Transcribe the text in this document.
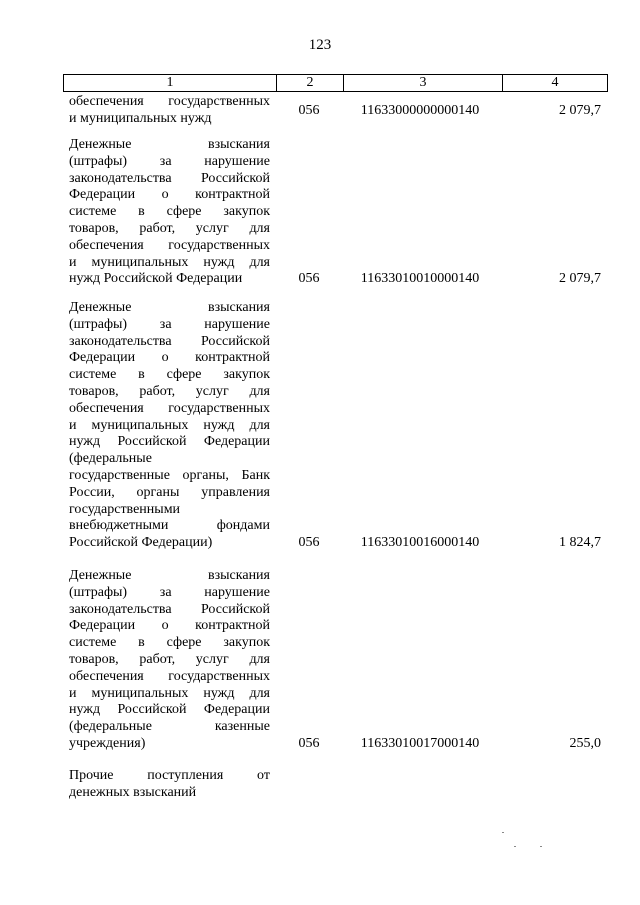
123
1	2	3	4
обеспечения государственных
и муниципальных нужд
056	11633000000000140	2 079,7
Денежные взыскания
(штрафы) за нарушение
законодательства Российской
Федерации о контрактной
системе в сфере закупок
товаров, работ, услуг для
обеспечения государственных
и муниципальных нужд для
нужд Российской Федерации	056	11633010010000140	2 079,7
Денежные взыскания
(штрафы) за нарушение
законодательства Российской
Федерации о контрактной
системе в сфере закупок
товаров, работ, услуг для
обеспечения государственных
и муниципальных нужд для
нужд Российской Федерации
(федеральные
государственные органы, Банк
России, органы управления
государственными
внебюджетными фондами
Российской Федерации)	056	11633010016000140	1 824,7
Денежные взыскания
(штрафы) за нарушение
законодательства Российской
Федерации о контрактной
системе в сфере закупок
товаров, работ, услуг для
обеспечения государственных
и муниципальных нужд для
нужд Российской Федерации
(федеральные казенные
учреждения)	056	11633010017000140	255,0
Прочие поступления от
денежных взысканий
